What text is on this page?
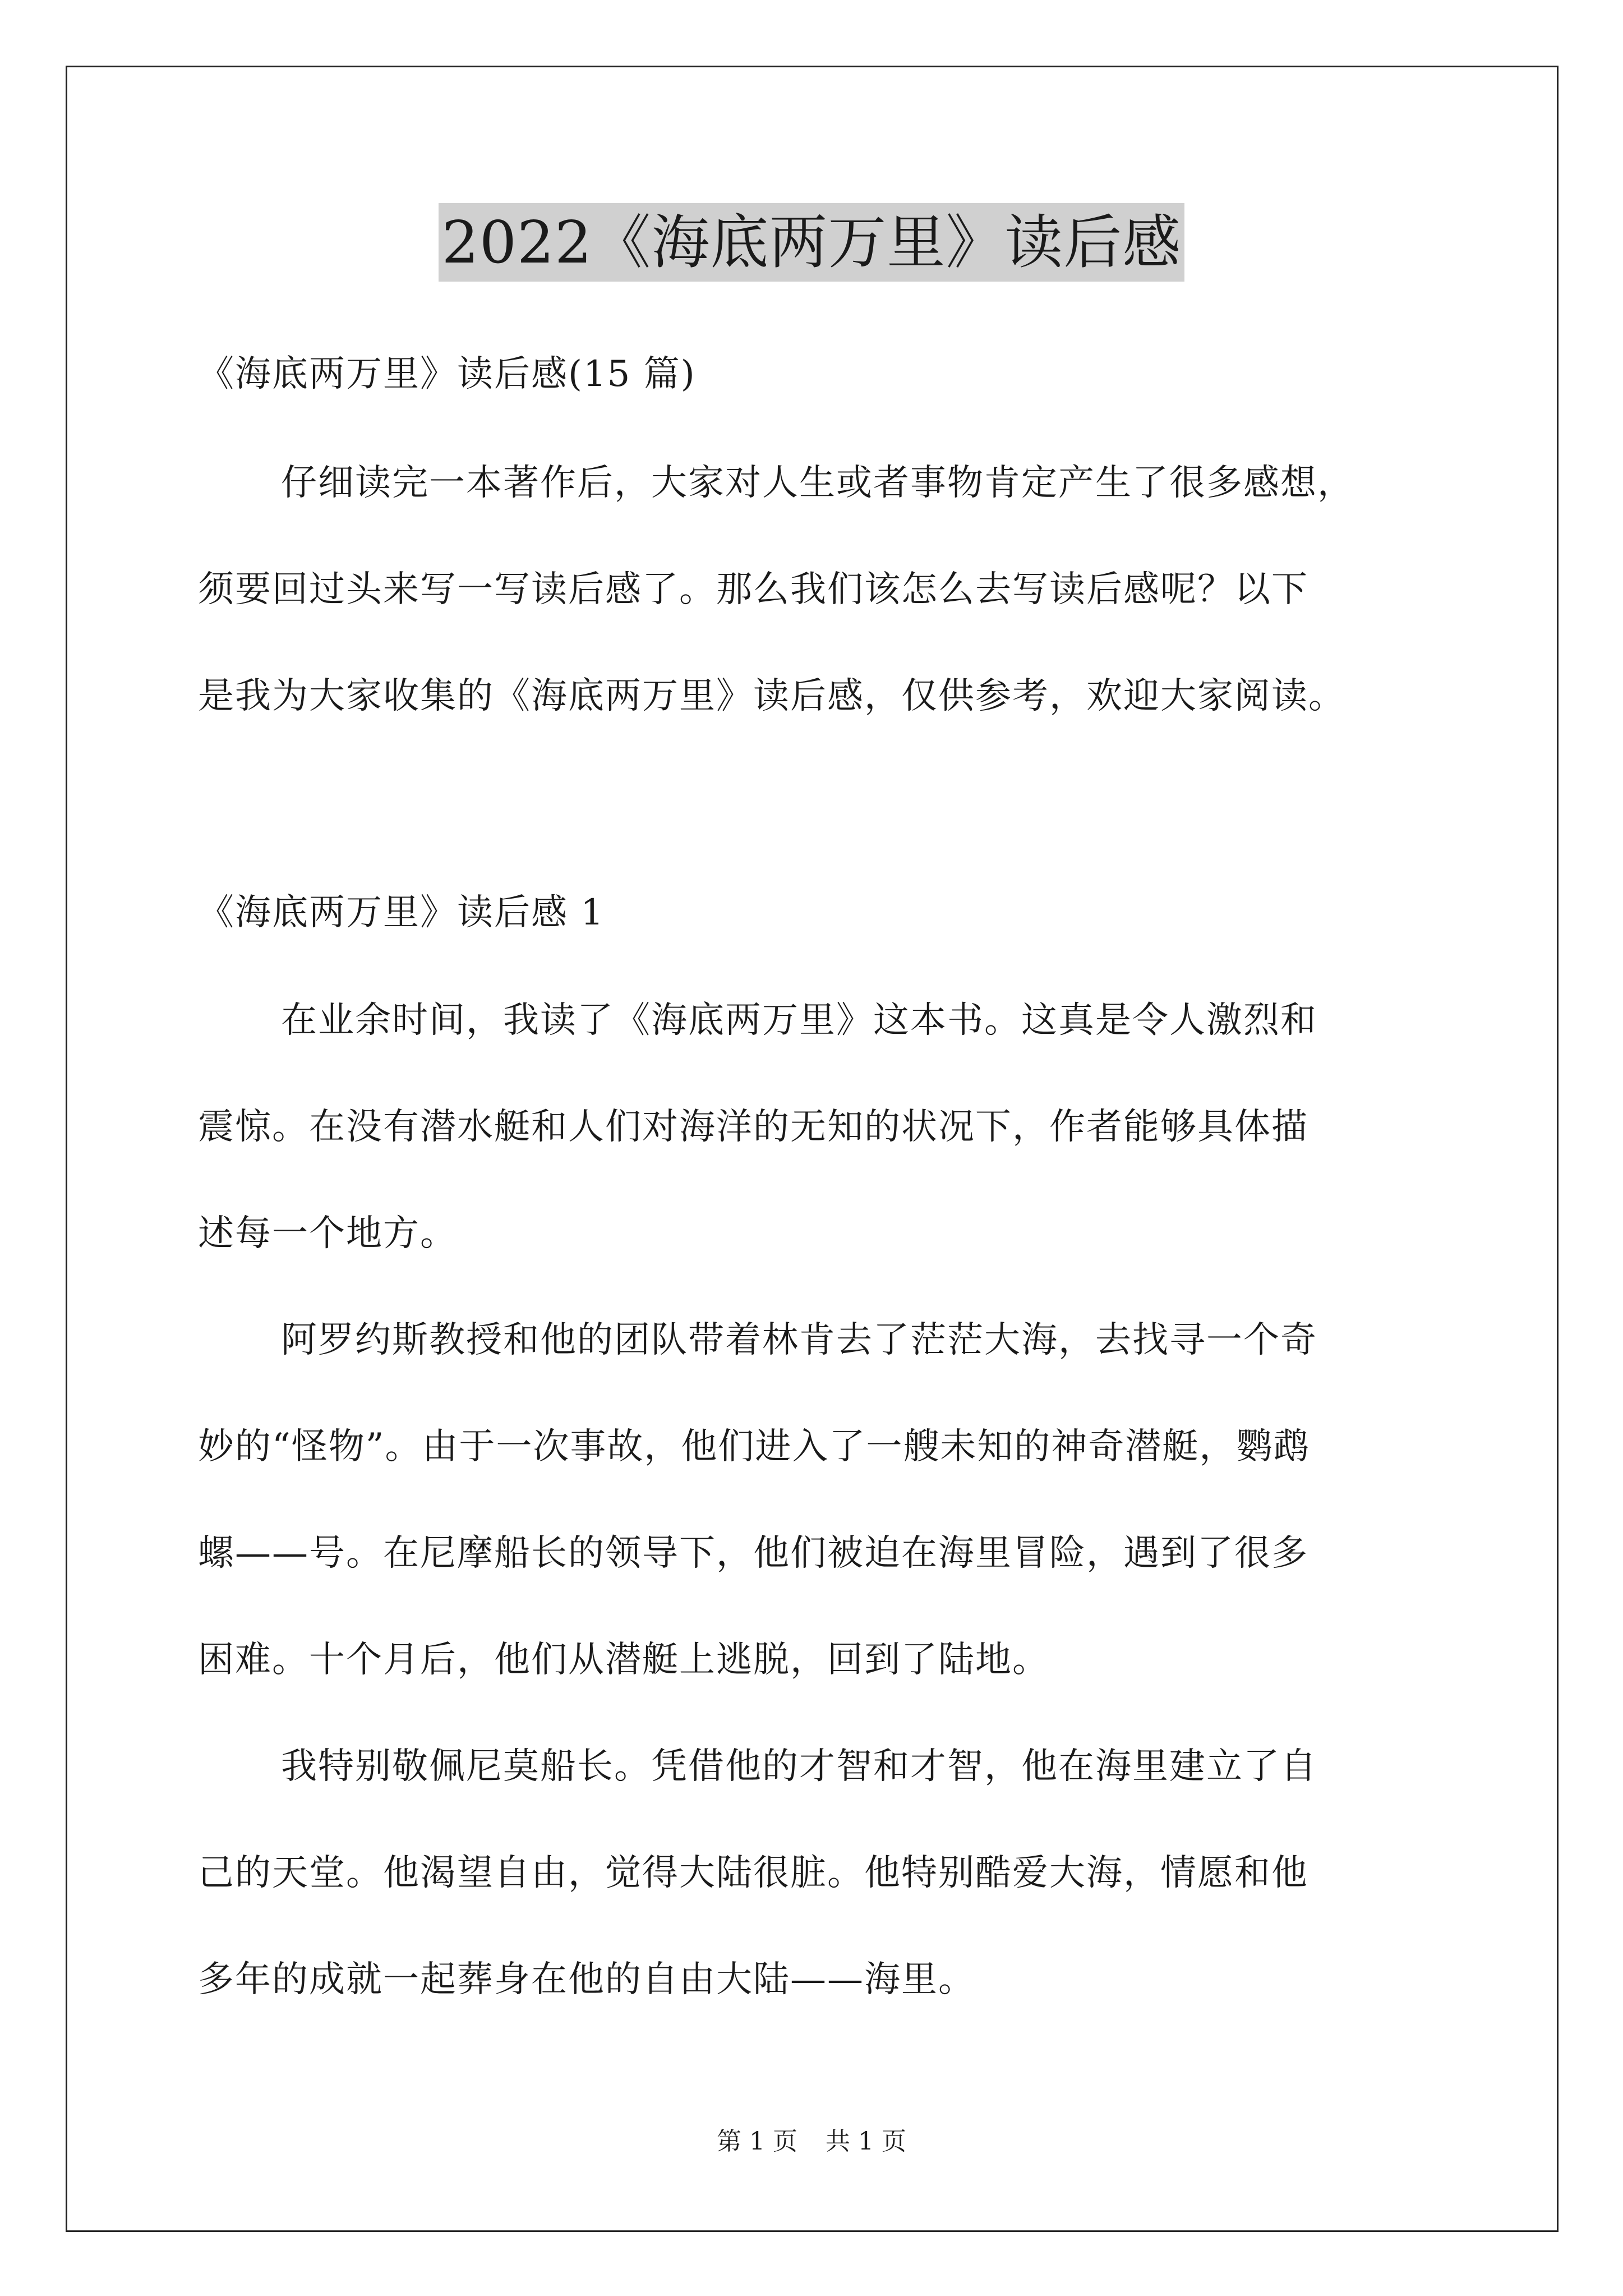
2022《海底两万里》读后感
《海底两万里》读后感(15 篇)
仔细读完一本著作后，大家对人生或者事物肯定产生了很多感想，
须要回过头来写一写读后感了。那么我们该怎么去写读后感呢？以下
是我为大家收集的《海底两万里》读后感，仅供参考，欢迎大家阅读。
《海底两万里》读后感 1
在业余时间，我读了《海底两万里》这本书。这真是令人激烈和
震惊。在没有潜水艇和人们对海洋的无知的状况下，作者能够具体描
述每一个地方。
阿罗约斯教授和他的团队带着林肯去了茫茫大海，去找寻一个奇
妙的“怪物”。由于一次事故，他们进入了一艘未知的神奇潜艇，鹦鹉
螺——号。在尼摩船长的领导下，他们被迫在海里冒险，遇到了很多
困难。十个月后，他们从潜艇上逃脱，回到了陆地。
我特别敬佩尼莫船长。凭借他的才智和才智，他在海里建立了自
己的天堂。他渴望自由，觉得大陆很脏。他特别酷爱大海，情愿和他
多年的成就一起葬身在他的自由大陆——海里。
第 1 页 共 1 页
